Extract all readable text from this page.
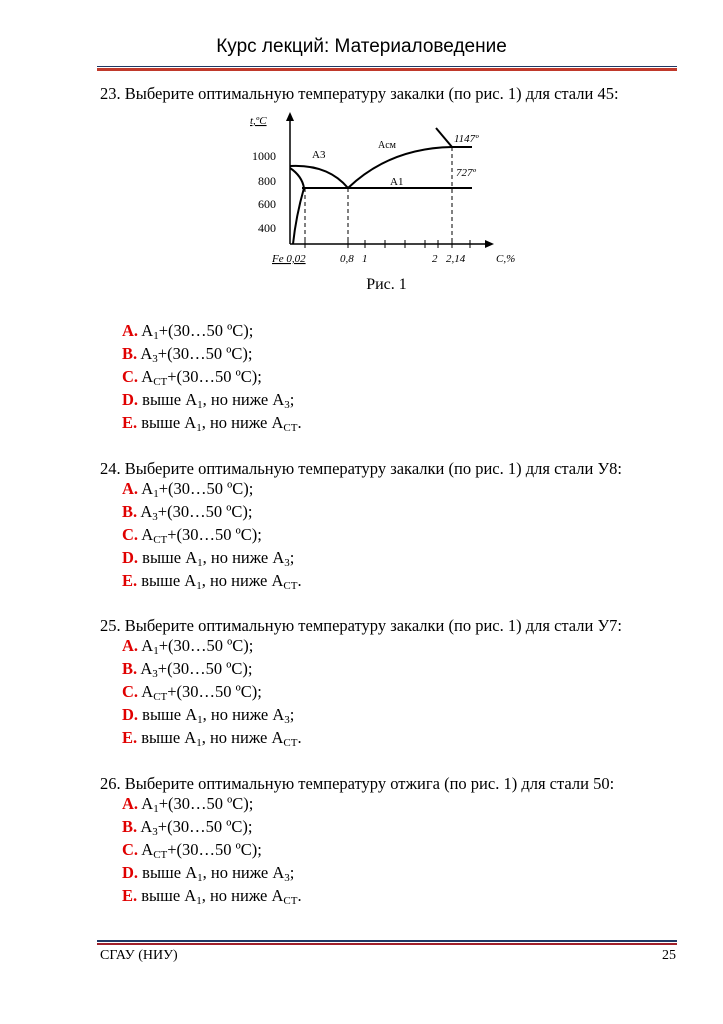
Курс лекций: Материаловедение
23. Выберите оптимальную температуру закалки (по рис. 1) для стали 45:
t,ºC
1000
800
600
400
Fe 0,02	0,8 1	2 2,14	C,%
A3
Aсм
A1
1147º
727º
Рис. 1
A. $A_1+(30\dots 50$ ºС);
B. $A_3+(30\dots 50$ ºС);
C. $A_{СТ}+(30\dots 50$ ºС);
D. выше $A_1$, но ниже $A_3$;
E. выше $A_1$, но ниже $A_{СТ}$.
24. Выберите оптимальную температуру закалки (по рис. 1) для стали У8:
A. $A_1+(30\dots 50$ ºС);
B. $A_3+(30\dots 50$ ºС);
C. $A_{СТ}+(30\dots 50$ ºС);
D. выше $A_1$, но ниже $A_3$;
E. выше $A_1$, но ниже $A_{СТ}$.
25. Выберите оптимальную температуру закалки (по рис. 1) для стали У7:
A. $A_1+(30\dots 50$ ºС);
B. $A_3+(30\dots 50$ ºС);
C. $A_{СТ}+(30\dots 50$ ºС);
D. выше $A_1$, но ниже $A_3$;
E. выше $A_1$, но ниже $A_{СТ}$.
26. Выберите оптимальную температуру отжига (по рис. 1) для стали 50:
A. $A_1+(30\dots 50$ ºС);
B. $A_3+(30\dots 50$ ºС);
C. $A_{СТ}+(30\dots 50$ ºС);
D. выше $A_1$, но ниже $A_3$;
E. выше $A_1$, но ниже $A_{СТ}$.
СГАУ (НИУ)	25
